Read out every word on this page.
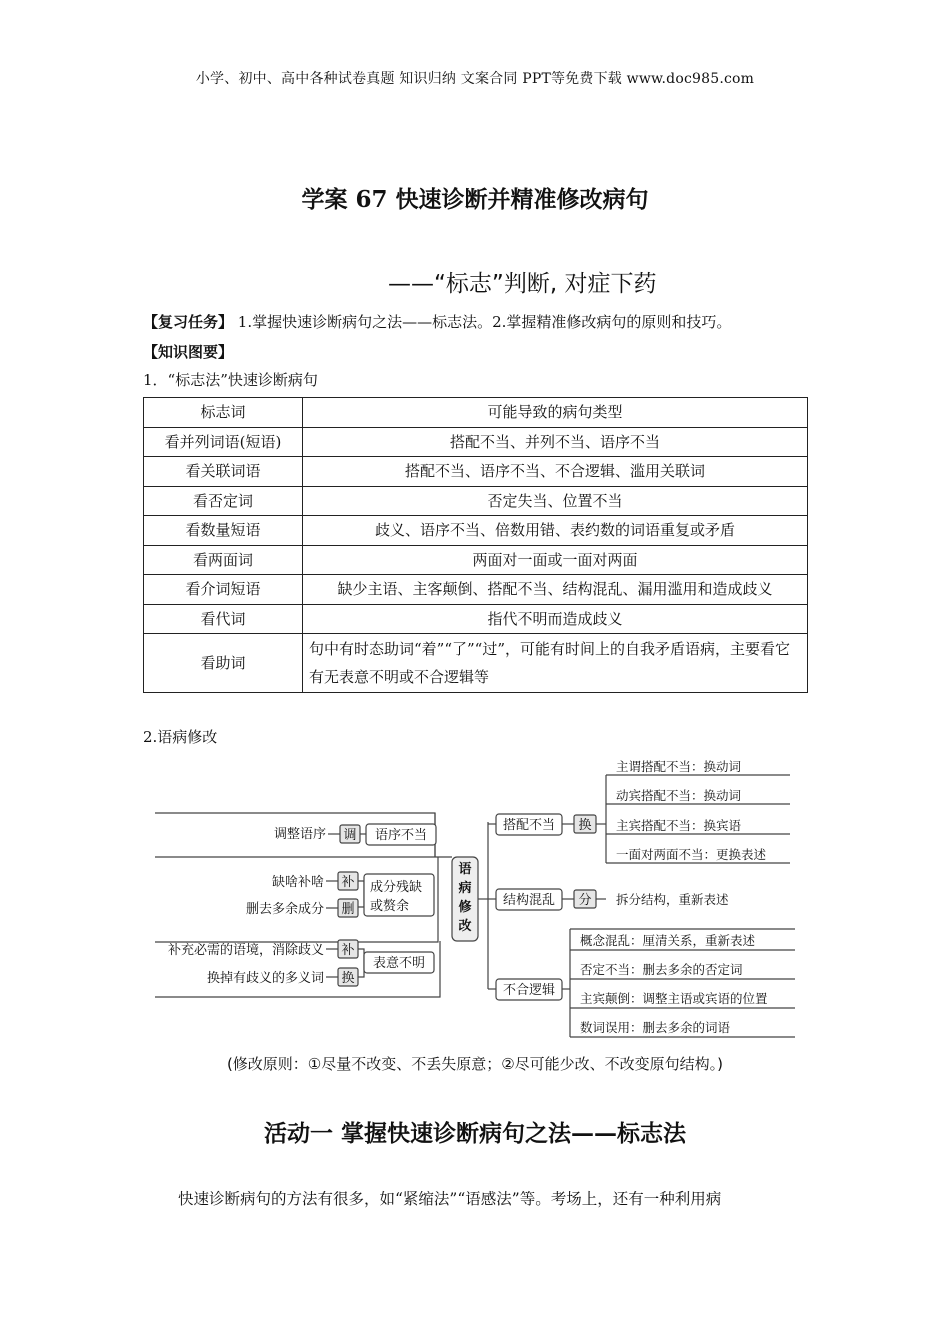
小学、初中、高中各种试卷真题 知识归纳 文案合同 PPT等免费下载 www.doc985.com
学案 67 快速诊断并精准修改病句
——“标志”判断, 对症下药
【复习任务】 1.掌握快速诊断病句之法——标志法。2.掌握精准修改病句的原则和技巧。
【知识图要】
1．“标志法”快速诊断病句
标志词	可能导致的病句类型
看并列词语(短语)	搭配不当、并列不当、语序不当
看关联词语	搭配不当、语序不当、不合逻辑、滥用关联词
看否定词	否定失当、位置不当
看数量短语	歧义、语序不当、倍数用错、表约数的词语重复或矛盾
看两面词	两面对一面或一面对两面
看介词短语	缺少主语、主客颠倒、搭配不当、结构混乱、漏用滥用和造成歧义
看代词	指代不明而造成歧义
看助词	句中有时态助词“着”“了”“过”，可能有时间上的自我矛盾语病，主要看它有无表意不明或不合逻辑等
2.语病修改
语
病
修
改
调整语序 调 语序不当
缺啥补啥 补
删去多余成分 删
成分残缺
或赘余
补充必需的语境，消除歧义 补
换掉有歧义的多义词 换
表意不明
搭配不当 换
主谓搭配不当：换动词
动宾搭配不当：换动词
主宾搭配不当：换宾语
一面对两面不当：更换表述
结构混乱 分 拆分结构，重新表述
不合逻辑
概念混乱：厘清关系，重新表述
否定不当：删去多余的否定词
主宾颠倒：调整主语或宾语的位置
数词误用：删去多余的词语
(修改原则：①尽量不改变、不丢失原意；②尽可能少改、不改变原句结构。)
活动一 掌握快速诊断病句之法——标志法
快速诊断病句的方法有很多，如“紧缩法”“语感法”等。考场上，还有一种利用病
